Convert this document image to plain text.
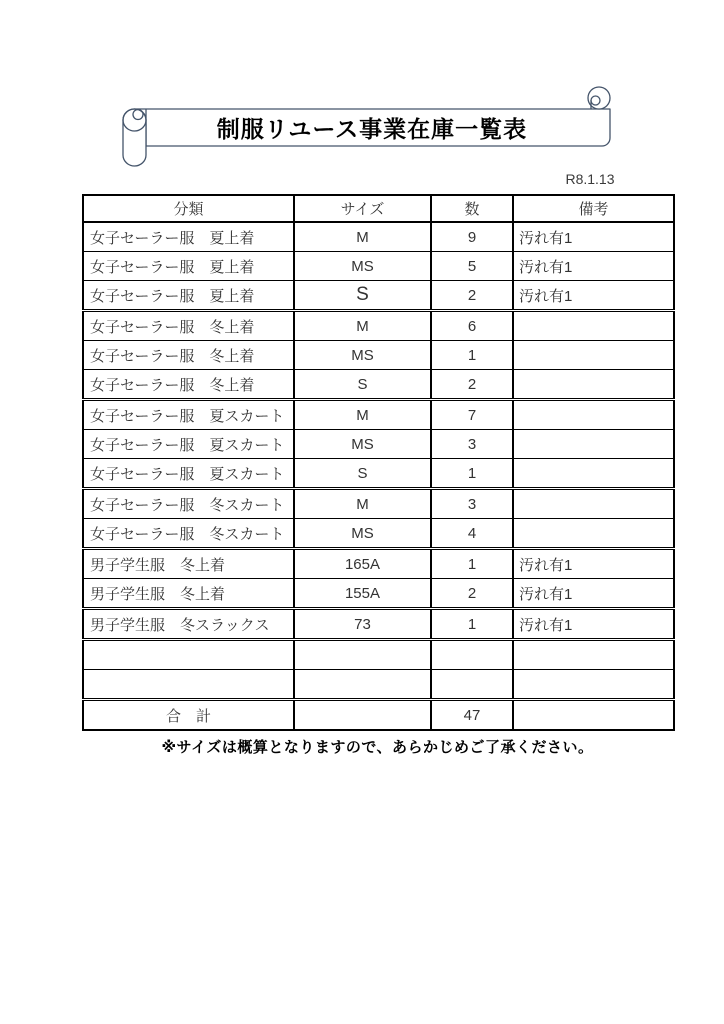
制服リユース事業在庫一覧表
R8.1.13
分類	サイズ	数	備考
女子セーラー服　夏上着	M	9	汚れ有1
女子セーラー服　夏上着	MS	5	汚れ有1
女子セーラー服　夏上着	S	2	汚れ有1
女子セーラー服　冬上着	M	6	
女子セーラー服　冬上着	MS	1	
女子セーラー服　冬上着	S	2	
女子セーラー服　夏スカート	M	7	
女子セーラー服　夏スカート	MS	3	
女子セーラー服　夏スカート	S	1	
女子セーラー服　冬スカート	M	3	
女子セーラー服　冬スカート	MS	4	
男子学生服　冬上着	165A	1	汚れ有1
男子学生服　冬上着	155A	2	汚れ有1
男子学生服　冬スラックス	73	1	汚れ有1

合　計		47	
※サイズは概算となりますので、あらかじめご了承ください。
